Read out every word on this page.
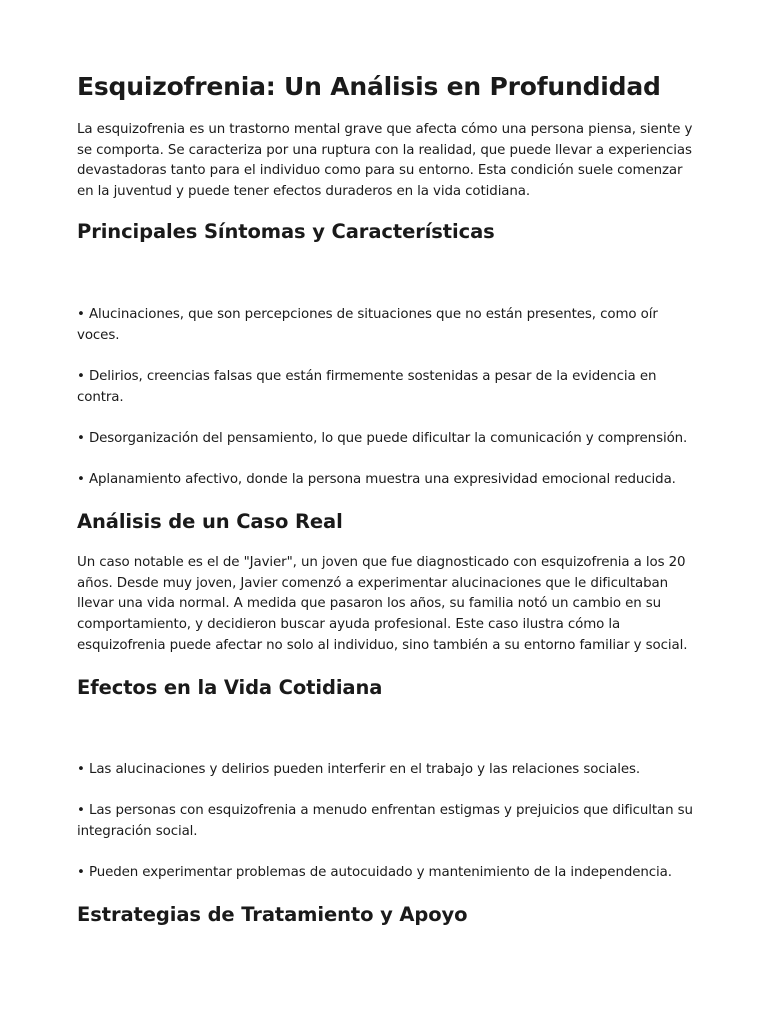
Esquizofrenia: Un Análisis en Profundidad

La esquizofrenia es un trastorno mental grave que afecta cómo una persona piensa, siente y se comporta. Se caracteriza por una ruptura con la realidad, que puede llevar a experiencias devastadoras tanto para el individuo como para su entorno. Esta condición suele comenzar en la juventud y puede tener efectos duraderos en la vida cotidiana.

Principales Síntomas y Características

• Alucinaciones, que son percepciones de situaciones que no están presentes, como oír voces.

• Delirios, creencias falsas que están firmemente sostenidas a pesar de la evidencia en contra.

• Desorganización del pensamiento, lo que puede dificultar la comunicación y comprensión.

• Aplanamiento afectivo, donde la persona muestra una expresividad emocional reducida.

Análisis de un Caso Real

Un caso notable es el de "Javier", un joven que fue diagnosticado con esquizofrenia a los 20 años. Desde muy joven, Javier comenzó a experimentar alucinaciones que le dificultaban llevar una vida normal. A medida que pasaron los años, su familia notó un cambio en su comportamiento, y decidieron buscar ayuda profesional. Este caso ilustra cómo la esquizofrenia puede afectar no solo al individuo, sino también a su entorno familiar y social.

Efectos en la Vida Cotidiana

• Las alucinaciones y delirios pueden interferir en el trabajo y las relaciones sociales.

• Las personas con esquizofrenia a menudo enfrentan estigmas y prejuicios que dificultan su integración social.

• Pueden experimentar problemas de autocuidado y mantenimiento de la independencia.

Estrategias de Tratamiento y Apoyo
